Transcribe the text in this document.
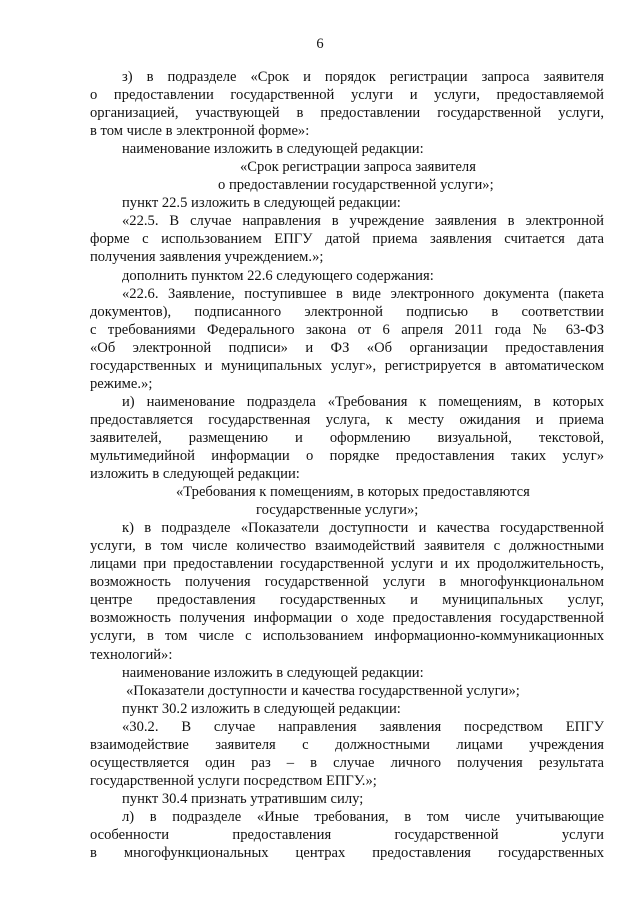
6
з) в подразделе «Срок и порядок регистрации запроса заявителя
о предоставлении государственной услуги и услуги, предоставляемой
организацией, участвующей в предоставлении государственной услуги,
в том числе в электронной форме»:
наименование изложить в следующей редакции:
«Срок регистрации запроса заявителя
о предоставлении государственной услуги»;
пункт 22.5 изложить в следующей редакции:
«22.5. В случае направления в учреждение заявления в электронной
форме с использованием ЕПГУ датой приема заявления считается дата
получения заявления учреждением.»;
дополнить пунктом 22.6 следующего содержания:
«22.6. Заявление, поступившее в виде электронного документа (пакета
документов), подписанного электронной подписью в соответствии
с требованиями Федерального закона от 6 апреля 2011 года № 63-ФЗ
«Об электронной подписи» и ФЗ «Об организации предоставления
государственных и муниципальных услуг», регистрируется в автоматическом
режиме.»;
и) наименование подраздела «Требования к помещениям, в которых
предоставляется государственная услуга, к месту ожидания и приема
заявителей, размещению и оформлению визуальной, текстовой,
мультимедийной информации о порядке предоставления таких услуг»
изложить в следующей редакции:
«Требования к помещениям, в которых предоставляются
государственные услуги»;
к) в подразделе «Показатели доступности и качества государственной
услуги, в том числе количество взаимодействий заявителя с должностными
лицами при предоставлении государственной услуги и их продолжительность,
возможность получения государственной услуги в многофункциональном
центре предоставления государственных и муниципальных услуг,
возможность получения информации о ходе предоставления государственной
услуги, в том числе с использованием информационно-коммуникационных
технологий»:
наименование изложить в следующей редакции:
«Показатели доступности и качества государственной услуги»;
пункт 30.2 изложить в следующей редакции:
«30.2. В случае направления заявления посредством ЕПГУ
взаимодействие заявителя с должностными лицами учреждения
осуществляется один раз – в случае личного получения результата
государственной услуги посредством ЕПГУ.»;
пункт 30.4 признать утратившим силу;
л) в подразделе «Иные требования, в том числе учитывающие
особенности предоставления государственной услуги
в многофункциональных центрах предоставления государственных
